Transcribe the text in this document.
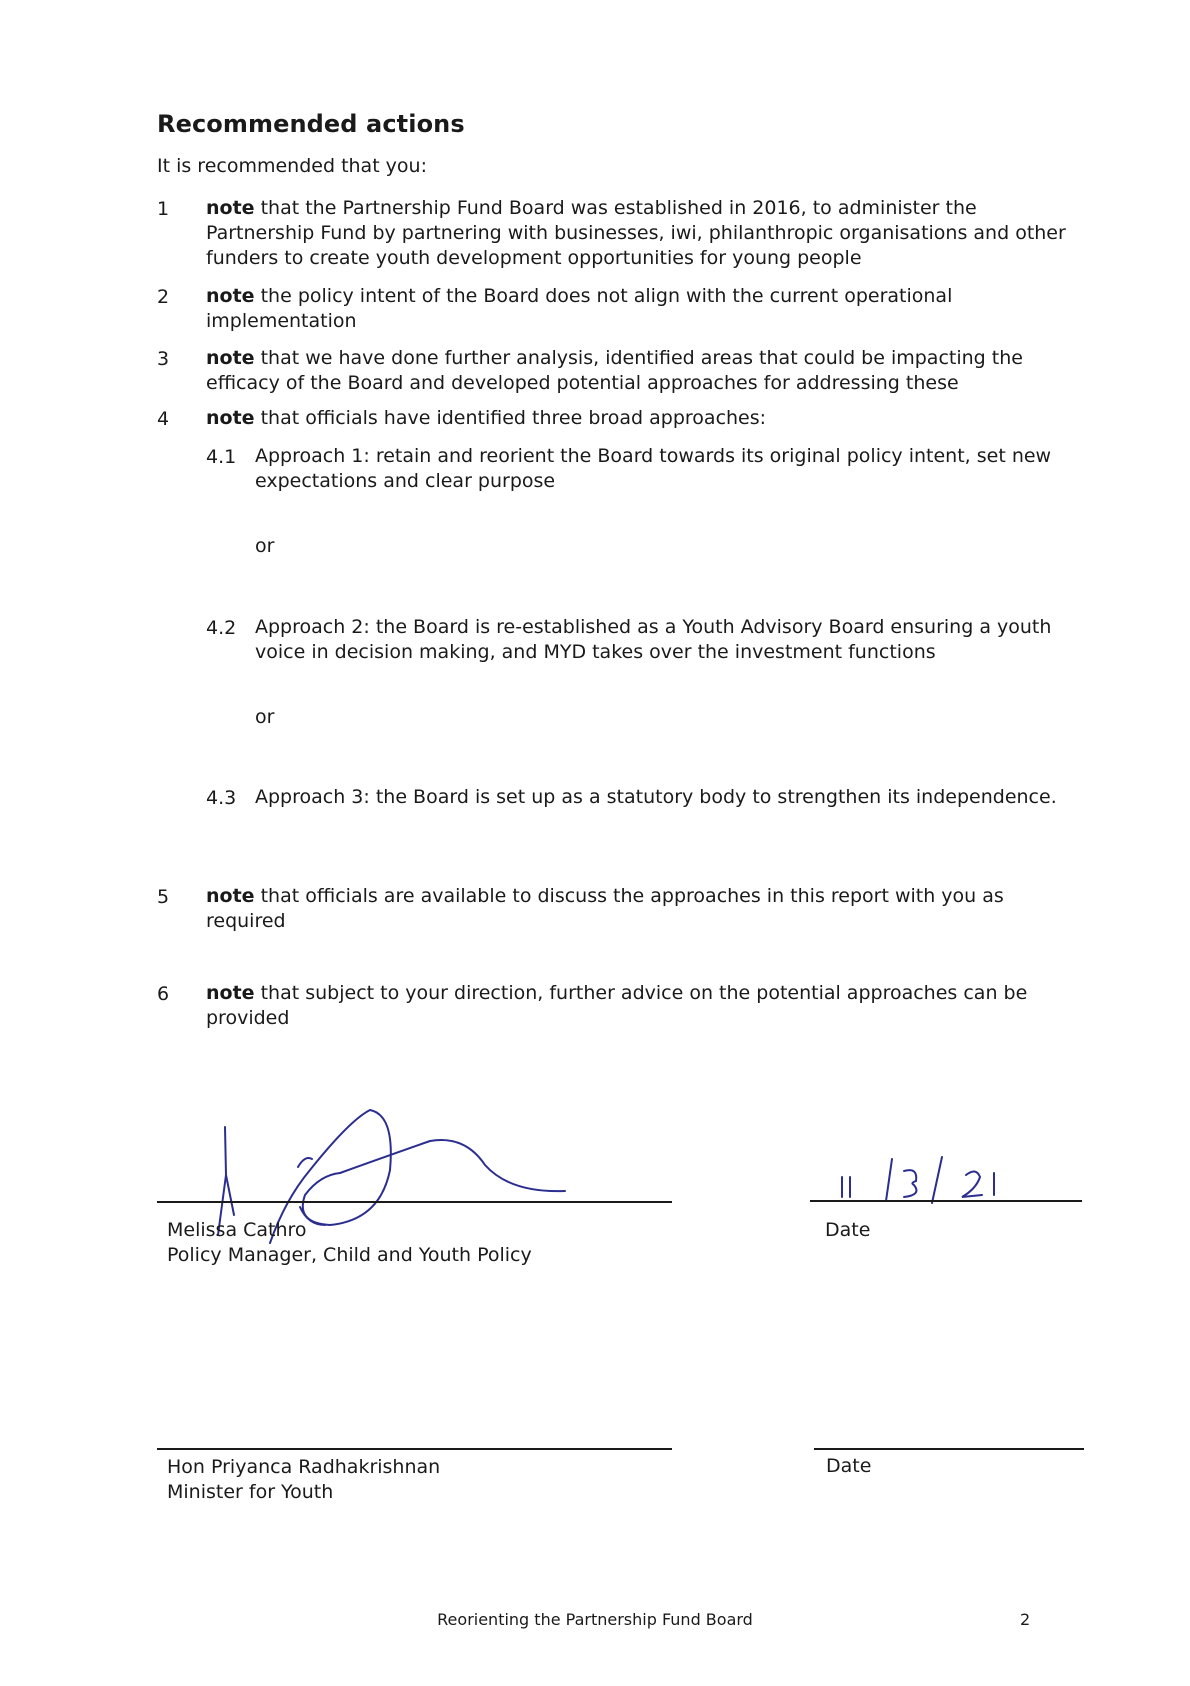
Recommended actions
It is recommended that you:
1 note that the Partnership Fund Board was established in 2016, to administer the Partnership Fund by partnering with businesses, iwi, philanthropic organisations and other funders to create youth development opportunities for young people
2 note the policy intent of the Board does not align with the current operational implementation
3 note that we have done further analysis, identified areas that could be impacting the efficacy of the Board and developed potential approaches for addressing these
4 note that officials have identified three broad approaches:
4.1 Approach 1: retain and reorient the Board towards its original policy intent, set new expectations and clear purpose
or
4.2 Approach 2: the Board is re-established as a Youth Advisory Board ensuring a youth voice in decision making, and MYD takes over the investment functions
or
4.3 Approach 3: the Board is set up as a statutory body to strengthen its independence.
5 note that officials are available to discuss the approaches in this report with you as required
6 note that subject to your direction, further advice on the potential approaches can be provided
Melissa Cathro
Policy Manager, Child and Youth Policy
Date
Hon Priyanca Radhakrishnan
Minister for Youth
Date
Reorienting the Partnership Fund Board	2
